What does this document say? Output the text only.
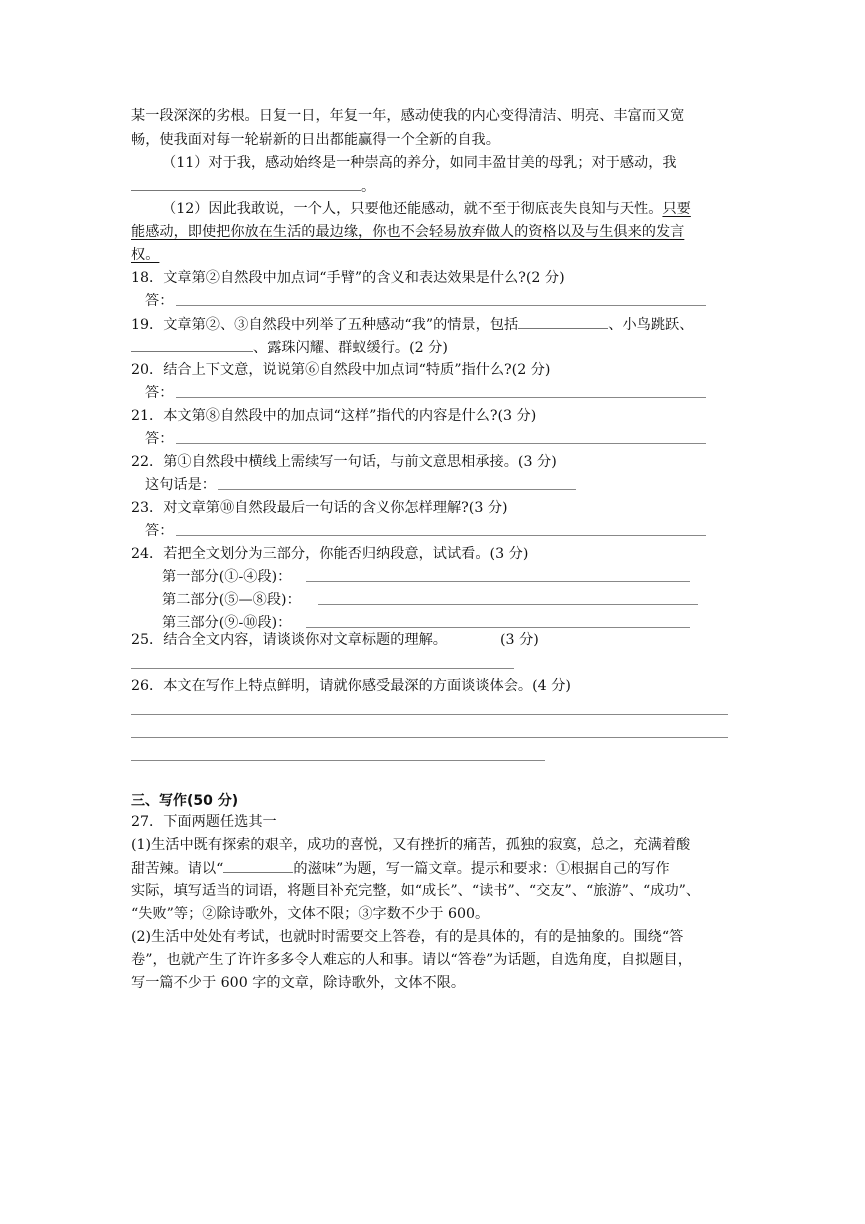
某一段深深的劣根。日复一日，年复一年，感动使我的内心变得清洁、明亮、丰富而又宽
畅，使我面对每一轮崭新的日出都能赢得一个全新的自我。
（11）对于我，感动始终是一种崇高的养分，如同丰盈甘美的母乳；对于感动，我
。
（12）因此我敢说，一个人，只要他还能感动，就不至于彻底丧失良知与天性。只要
能感动，即使把你放在生活的最边缘，你也不会轻易放弃做人的资格以及与生俱来的发言
权。
18．文章第②自然段中加点词“手臂”的含义和表达效果是什么?(2 分)
答：
19．文章第②、③自然段中列举了五种感动“我”的情景，包括	、小鸟跳跃、
、露珠闪耀、群蚁缓行。(2 分)
20．结合上下文意，说说第⑥自然段中加点词“特质”指什么?(2 分)
答：
21．本文第⑧自然段中的加点词“这样”指代的内容是什么?(3 分)
答：
22．第①自然段中横线上需续写一句话，与前文意思相承接。(3 分)
这句话是：
23．对文章第⑩自然段最后一句话的含义你怎样理解?(3 分)
答：
24．若把全文划分为三部分，你能否归纳段意，试试看。(3 分)
第一部分(①-④段)：
第二部分(⑤—⑧段)：
第三部分(⑨-⑩段)：
25．结合全文内容，请谈谈你对文章标题的理解。	(3 分)
26．本文在写作上特点鲜明，请就你感受最深的方面谈谈体会。(4 分)
三、写作(50 分)
27．下面两题任选其一
(1)生活中既有探索的艰辛，成功的喜悦，又有挫折的痛苦，孤独的寂寞，总之，充满着酸
甜苦辣。请以“	的滋味”为题，写一篇文章。提示和要求：①根据自己的写作
实际，填写适当的词语，将题目补充完整，如“成长”、“读书”、“交友”、“旅游”、“成功”、
“失败”等；②除诗歌外，文体不限；③字数不少于 600。
(2)生活中处处有考试，也就时时需要交上答卷，有的是具体的，有的是抽象的。围绕“答
卷”，也就产生了许许多多令人难忘的人和事。请以“答卷”为话题，自选角度，自拟题目，
写一篇不少于 600 字的文章，除诗歌外，文体不限。
